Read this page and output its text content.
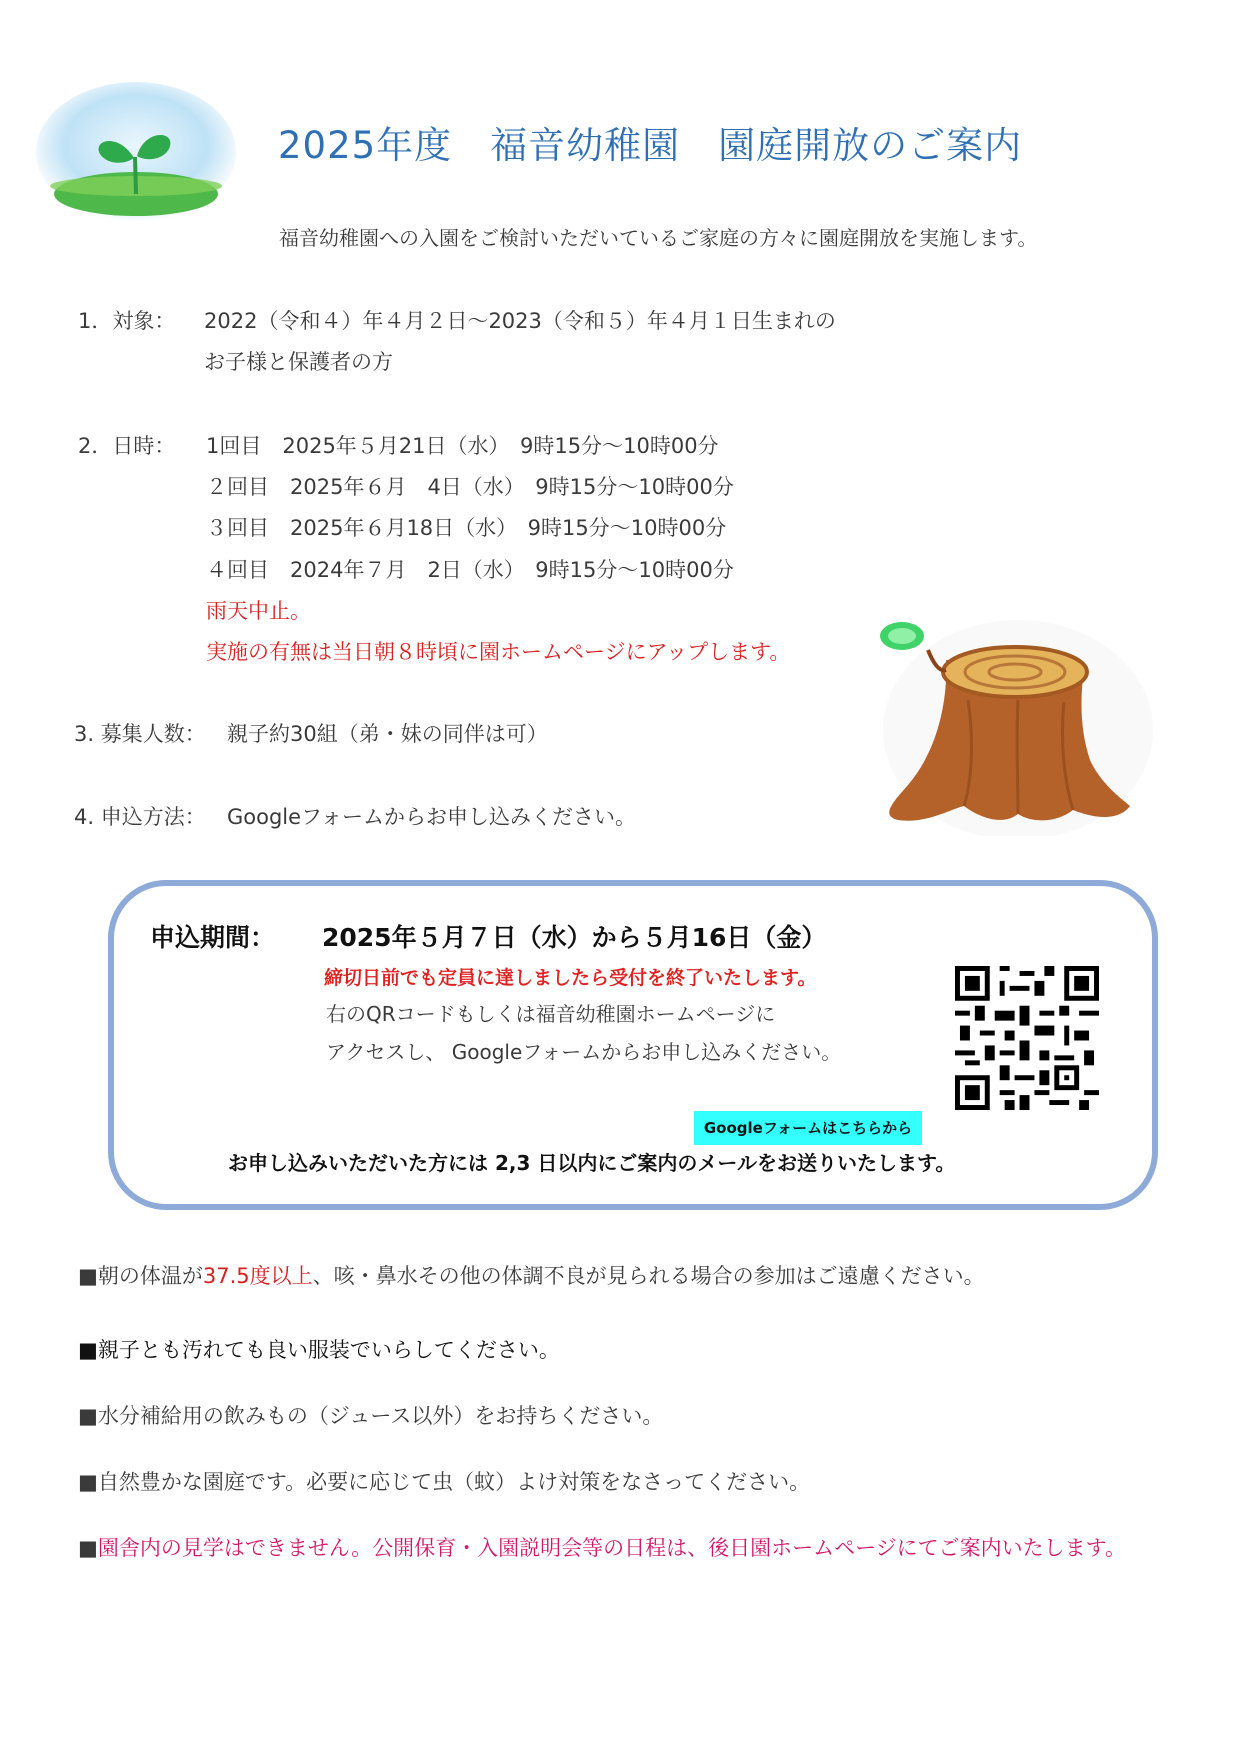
2025年度　福音幼稚園　園庭開放のご案内
福音幼稚園への入園をご検討いただいているご家庭の方々に園庭開放を実施します。
1．対象： 2022（令和４）年４月２日～2023（令和５）年４月１日生まれの
お子様と保護者の方
2．日時： 1回目　2025年５月21日（水）　9時15分～10時00分
２回目　2025年６月　4日（水）　9時15分～10時00分
３回目　2025年６月18日（水）　9時15分～10時00分
４回目　2024年７月　2日（水）　9時15分～10時00分
雨天中止。
実施の有無は当日朝８時頃に園ホームページにアップします。
3. 募集人数： 親子約30組（弟・妹の同伴は可）
4. 申込方法： Googleフォームからお申し込みください。
申込期間： 2025年５月７日（水）から５月16日（金）
締切日前でも定員に達しましたら受付を終了いたします。
右のQRコードもしくは福音幼稚園ホームページに
アクセスし、 Googleフォームからお申し込みください。
Googleフォームはこちらから
お申し込みいただいた方には 2,3 日以内にご案内のメールをお送りいたします。
■朝の体温が37.5度以上、咳・鼻水その他の体調不良が見られる場合の参加はご遠慮ください。
■親子とも汚れても良い服装でいらしてください。
■水分補給用の飲みもの（ジュース以外）をお持ちください。
■自然豊かな園庭です。必要に応じて虫（蚊）よけ対策をなさってください。
■園舎内の見学はできません。公開保育・入園説明会等の日程は、後日園ホームページにてご案内いたします。
